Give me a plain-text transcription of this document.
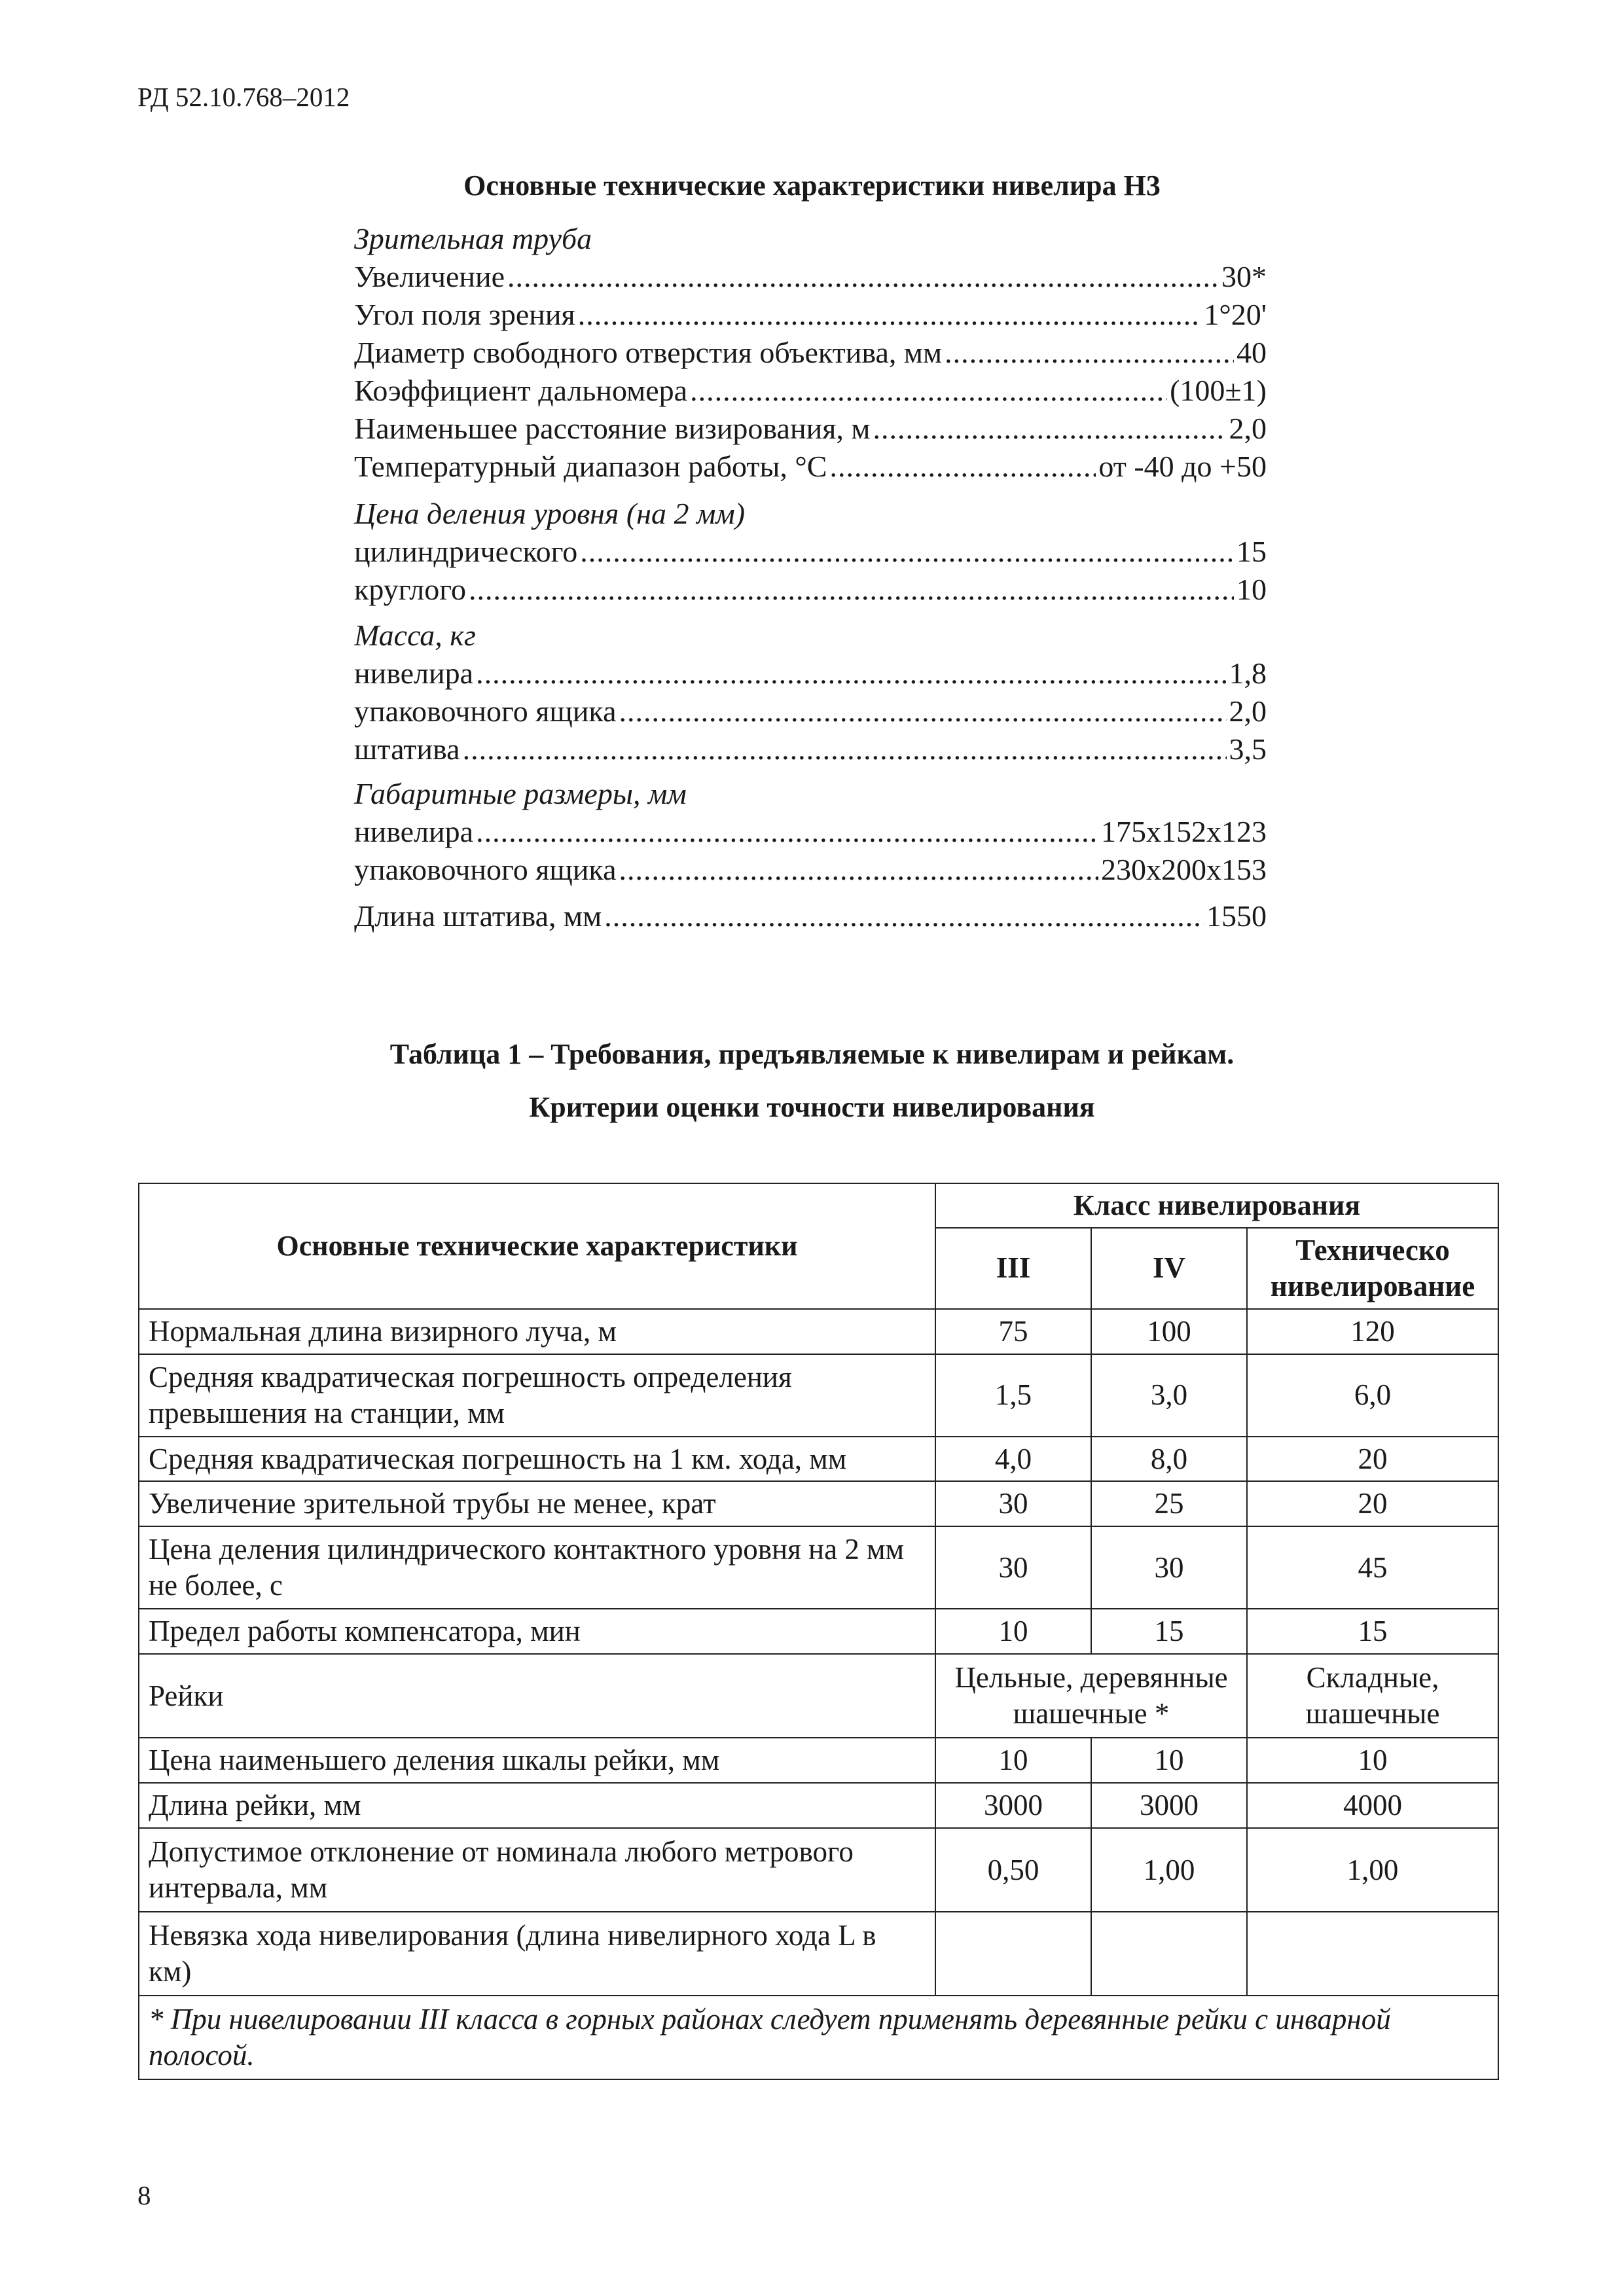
РД 52.10.768–2012
Основные технические характеристики нивелира Н3
Зрительная труба
Увеличение .....	30*
Угол поля зрения .....	1°20'
Диаметр свободного отверстия объектива, мм .....	40
Коэффициент дальномера .....	(100±1)
Наименьшее расстояние визирования, м .....	2,0
Температурный диапазон работы, °С .....	от -40 до +50
Цена деления уровня (на 2 мм)
цилиндрического .....	15
круглого .....	10
Масса, кг
нивелира .....	1,8
упаковочного ящика .....	2,0
штатива .....	3,5
Габаритные размеры, мм
нивелира .....	175x152x123
упаковочного ящика .....	230x200x153
Длина штатива, мм .....	1550
Таблица 1 – Требования, предъявляемые к нивелирам и рейкам.
Критерии оценки точности нивелирования
Основные технические характеристики	Класс нивелирования		
	III	IV	Техническо нивелирование
Нормальная длина визирного луча, м	75	100	120
Средняя квадратическая погрешность определения превышения на станции, мм	1,5	3,0	6,0
Средняя квадратическая погрешность на 1 км. хода, мм	4,0	8,0	20
Увеличение зрительной трубы не менее, крат	30	25	20
Цена деления цилиндрического контактного уровня на 2 мм не более, с	30	30	45
Предел работы компенсатора, мин	10	15	15
Рейки	Цельные, деревянные шашечные *		Складные, шашечные
Цена наименьшего деления шкалы рейки, мм	10	10	10
Длина рейки, мм	3000	3000	4000
Допустимое отклонение от номинала любого метрового интервала, мм	0,50	1,00	1,00
Невязка хода нивелирования (длина нивелирного хода L в км)			
* При нивелировании III класса в горных районах следует применять деревянные рейки с инварной полосой.			
8
